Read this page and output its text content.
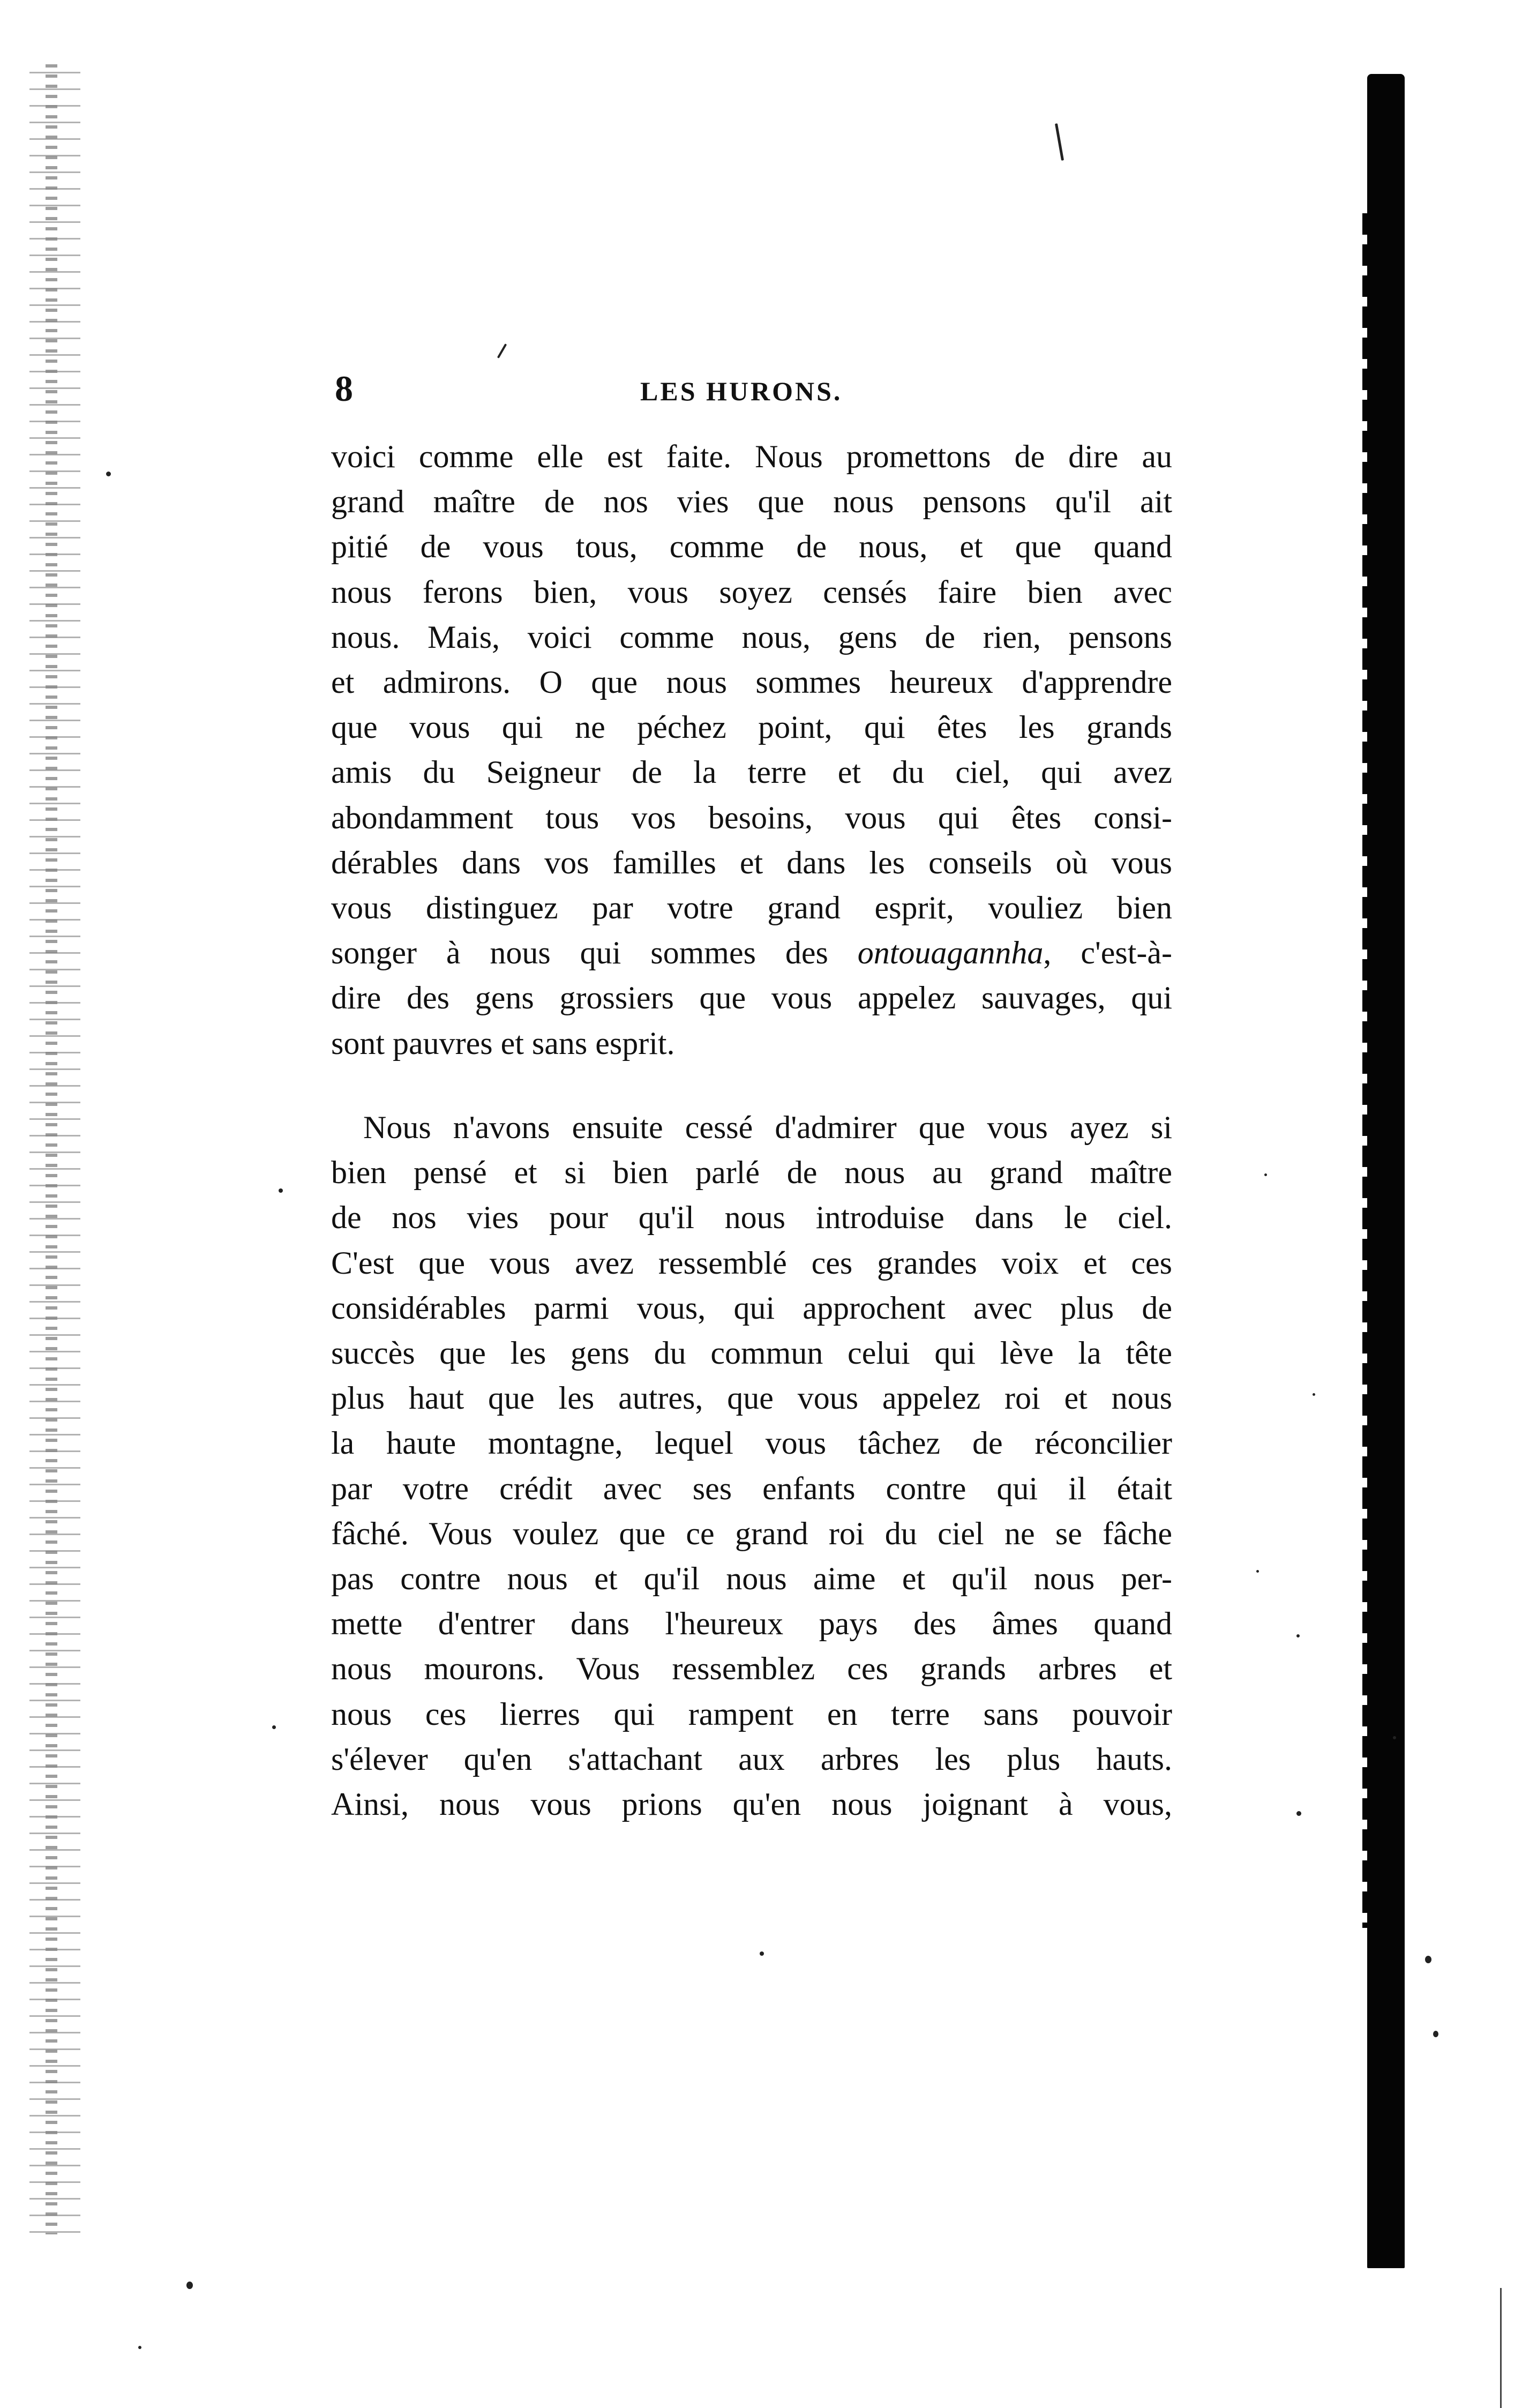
8	LES HURONS.
voici comme elle est faite. Nous promettons de dire au
grand maître de nos vies que nous pensons qu'il ait
pitié de vous tous, comme de nous, et que quand
nous ferons bien, vous soyez censés faire bien avec
nous. Mais, voici comme nous, gens de rien, pensons
et admirons. O que nous sommes heureux d'apprendre
que vous qui ne péchez point, qui êtes les grands
amis du Seigneur de la terre et du ciel, qui avez
abondamment tous vos besoins, vous qui êtes consi-
dérables dans vos familles et dans les conseils où vous
vous distinguez par votre grand esprit, vouliez bien
songer à nous qui sommes des ontouagannha, c'est-à-
dire des gens grossiers que vous appelez sauvages, qui
sont pauvres et sans esprit.
Nous n'avons ensuite cessé d'admirer que vous ayez si
bien pensé et si bien parlé de nous au grand maître
de nos vies pour qu'il nous introduise dans le ciel.
C'est que vous avez ressemblé ces grandes voix et ces
considérables parmi vous, qui approchent avec plus de
succès que les gens du commun celui qui lève la tête
plus haut que les autres, que vous appelez roi et nous
la haute montagne, lequel vous tâchez de réconcilier
par votre crédit avec ses enfants contre qui il était
fâché. Vous voulez que ce grand roi du ciel ne se fâche
pas contre nous et qu'il nous aime et qu'il nous per-
mette d'entrer dans l'heureux pays des âmes quand
nous mourons. Vous ressemblez ces grands arbres et
nous ces lierres qui rampent en terre sans pouvoir
s'élever qu'en s'attachant aux arbres les plus hauts.
Ainsi, nous vous prions qu'en nous joignant à vous,
